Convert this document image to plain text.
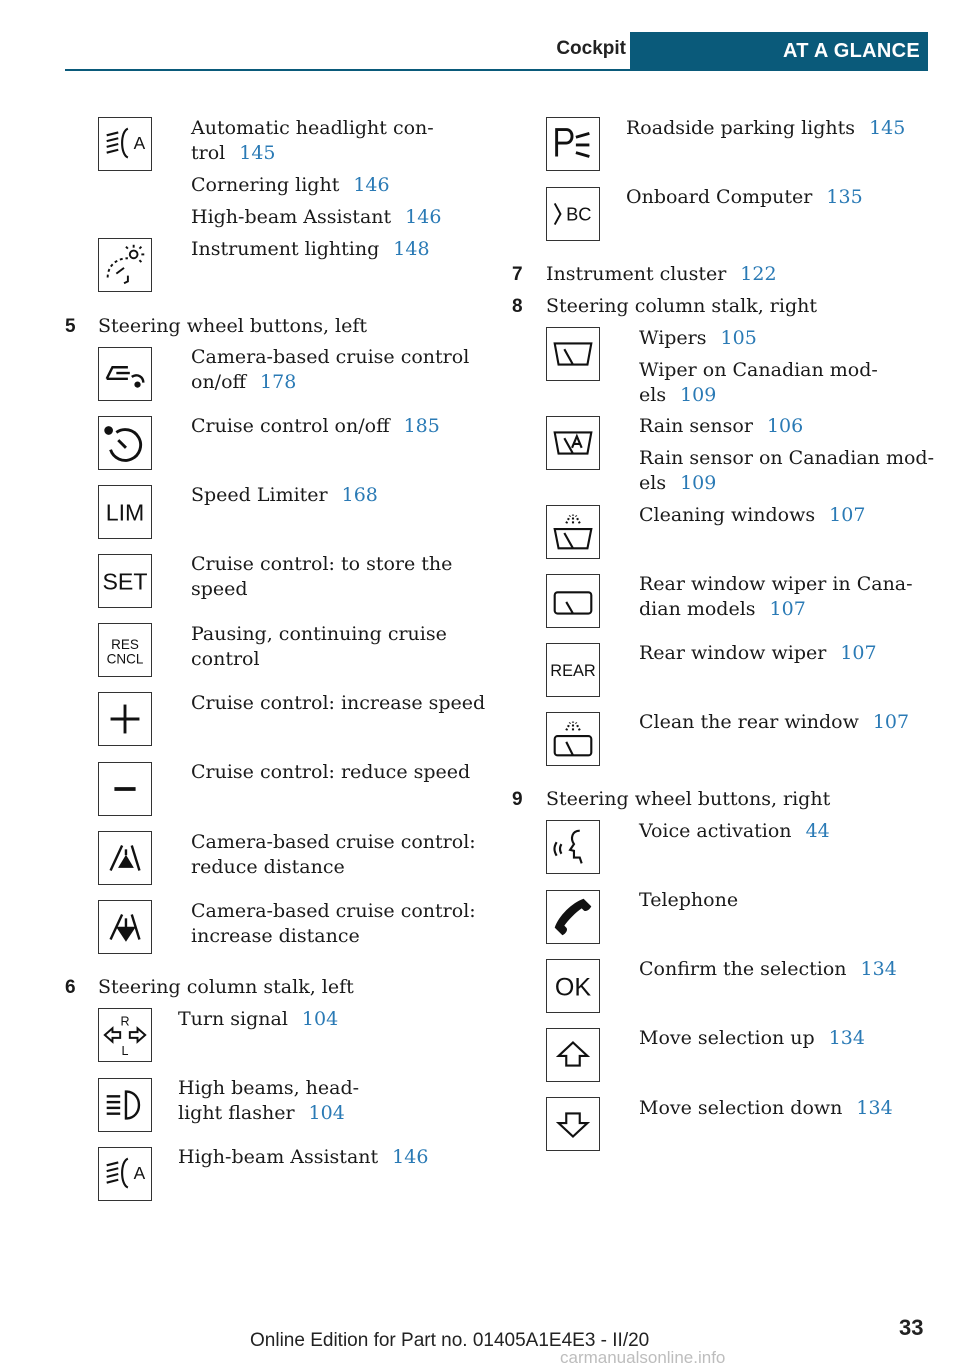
Cockpit	AT A GLANCE
A
Automatic headlight con-
trol 145
Cornering light 146
High-beam Assistant 146
Instrument lighting 148
5 Steering wheel buttons, left
Camera-based cruise control
on/off 178
Cruise control on/off 185
LIM
Speed Limiter 168
SET
Cruise control: to store the
speed
RES
CNCL
Pausing, continuing cruise
control
Cruise control: increase speed
Cruise control: reduce speed
Camera-based cruise control:
reduce distance
Camera-based cruise control:
increase distance
6 Steering column stalk, left
R
L
Turn signal 104
High beams, head-
light flasher 104
A
High-beam Assistant 146
Roadside parking lights 145
BC
Onboard Computer 135
7 Instrument cluster 122
8 Steering column stalk, right
Wipers 105
Wiper on Canadian mod-
els 109
Rain sensor 106
Rain sensor on Canadian mod-
els 109
Cleaning windows 107
Rear window wiper in Cana-
dian models 107
REAR
Rear window wiper 107
Clean the rear window 107
9 Steering wheel buttons, right
Voice activation 44
Telephone
OK
Confirm the selection 134
Move selection up 134
Move selection down 134
Online Edition for Part no. 01405A1E4E3 - II/20
33
carmanualsonline.info
